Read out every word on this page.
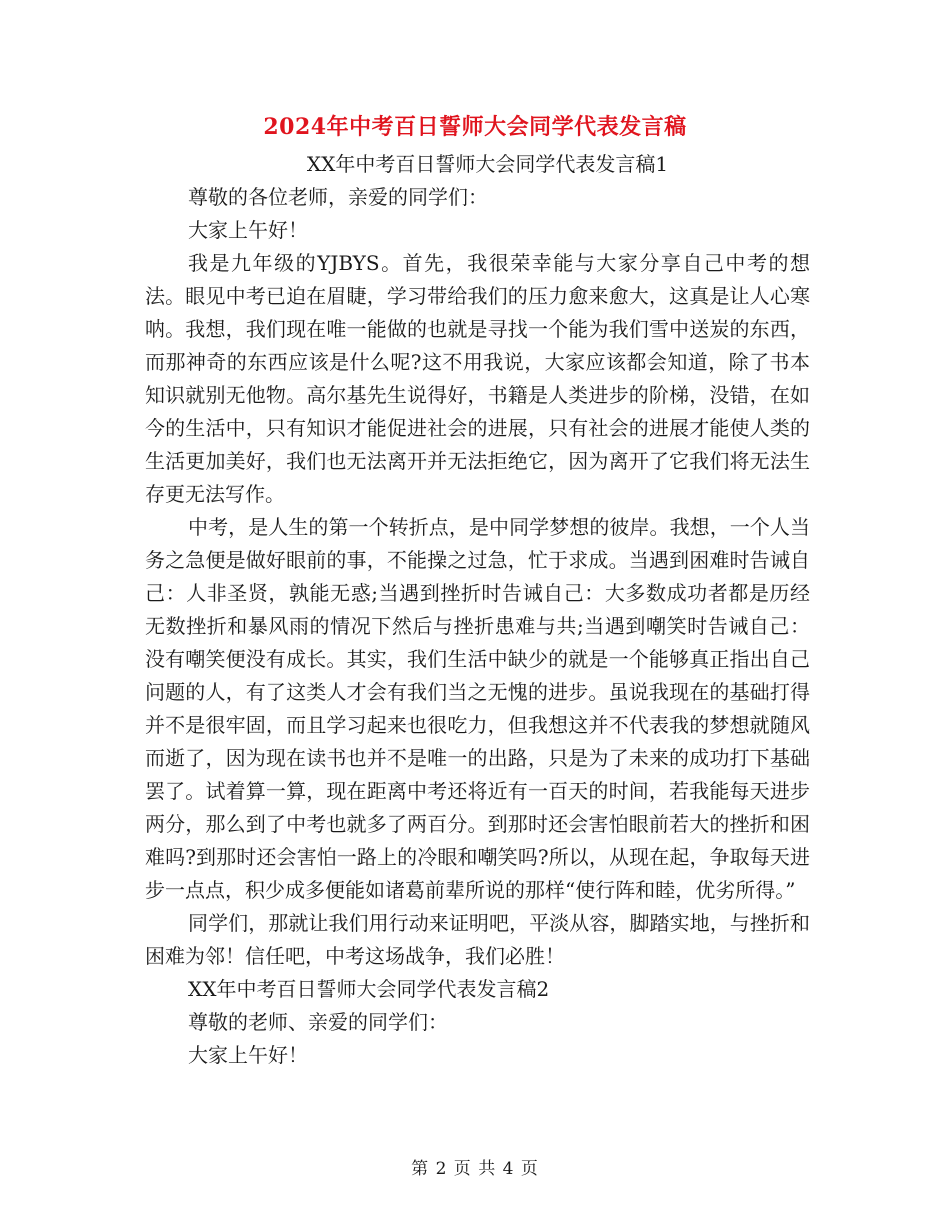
2024年中考百日誓师大会同学代表发言稿

XX年中考百日誓师大会同学代表发言稿1

尊敬的各位老师，亲爱的同学们：

大家上午好！

我是九年级的YJBYS。首先，我很荣幸能与大家分享自己中考的想法。眼见中考已迫在眉睫，学习带给我们的压力愈来愈大，这真是让人心寒呐。我想，我们现在唯一能做的也就是寻找一个能为我们雪中送炭的东西，而那神奇的东西应该是什么呢?这不用我说，大家应该都会知道，除了书本知识就别无他物。高尔基先生说得好，书籍是人类进步的阶梯，没错，在如今的生活中，只有知识才能促进社会的进展，只有社会的进展才能使人类的生活更加美好，我们也无法离开并无法拒绝它，因为离开了它我们将无法生存更无法写作。

中考，是人生的第一个转折点，是中同学梦想的彼岸。我想，一个人当务之急便是做好眼前的事，不能操之过急，忙于求成。当遇到困难时告诫自己：人非圣贤，孰能无惑;当遇到挫折时告诫自己：大多数成功者都是历经无数挫折和暴风雨的情况下然后与挫折患难与共;当遇到嘲笑时告诫自己：没有嘲笑便没有成长。其实，我们生活中缺少的就是一个能够真正指出自己问题的人，有了这类人才会有我们当之无愧的进步。虽说我现在的基础打得并不是很牢固，而且学习起来也很吃力，但我想这并不代表我的梦想就随风而逝了，因为现在读书也并不是唯一的出路，只是为了未来的成功打下基础罢了。试着算一算，现在距离中考还将近有一百天的时间，若我能每天进步两分，那么到了中考也就多了两百分。到那时还会害怕眼前若大的挫折和困难吗?到那时还会害怕一路上的冷眼和嘲笑吗?所以，从现在起，争取每天进步一点点，积少成多便能如诸葛前辈所说的那样“使行阵和睦，优劣所得。”

同学们，那就让我们用行动来证明吧，平淡从容，脚踏实地，与挫折和困难为邻！信任吧，中考这场战争，我们必胜！

XX年中考百日誓师大会同学代表发言稿2

尊敬的老师、亲爱的同学们：

大家上午好！

第 2 页 共 4 页
